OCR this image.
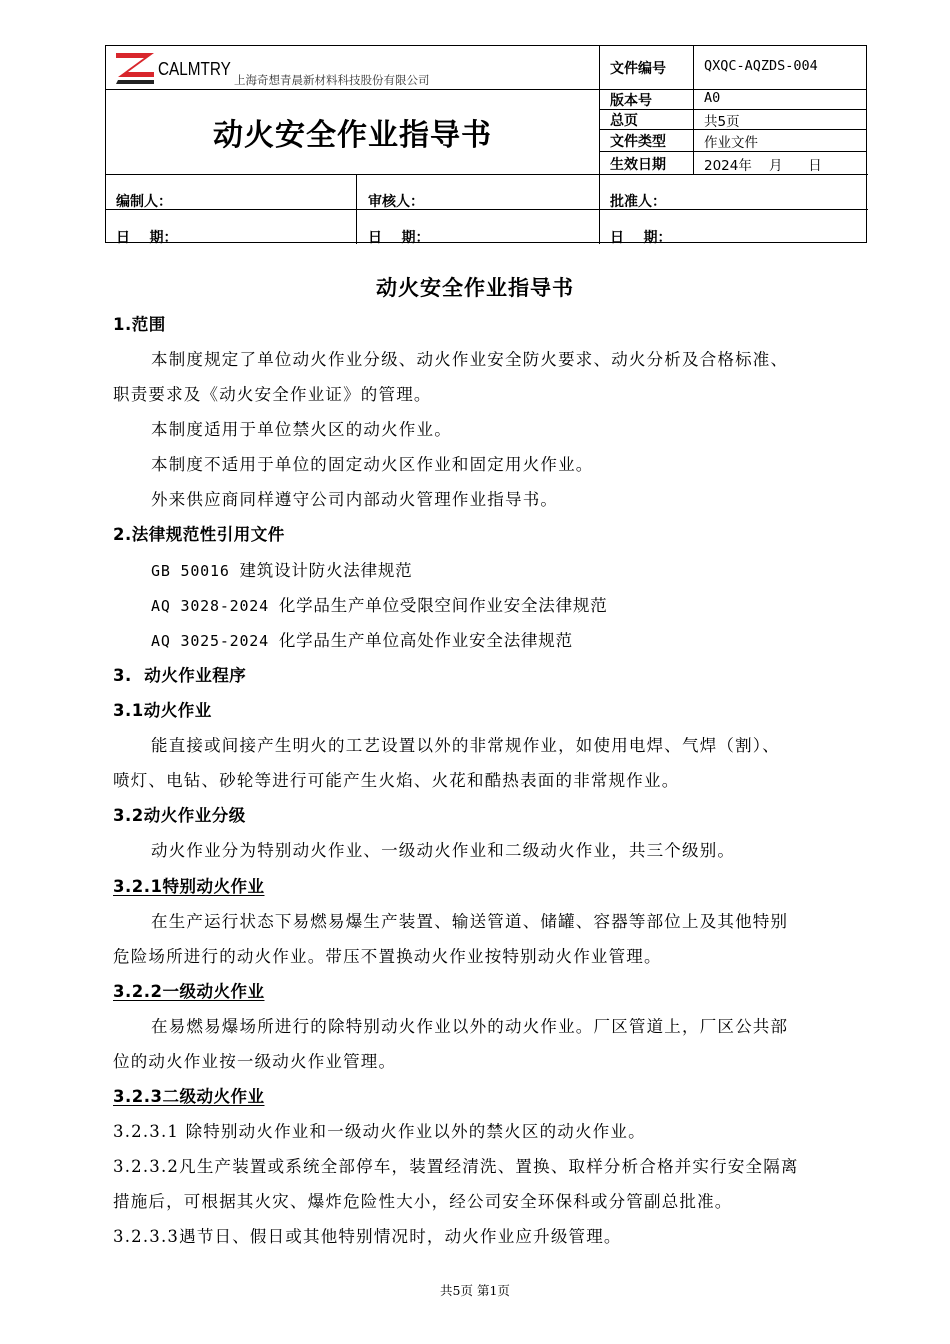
CALMTRY
上海奇想青晨新材料科技股份有限公司
动火安全作业指导书
文件编号	QXQC-AQZDS-004
版本号	A0
总页	共5页
文件类型	作业文件
生效日期	2024年    月      日
编制人：	审核人：	批准人：
日    期：	日    期：	日    期：
动火安全作业指导书
1.范围
本制度规定了单位动火作业分级、动火作业安全防火要求、动火分析及合格标准、
职责要求及《动火安全作业证》的管理。
本制度适用于单位禁火区的动火作业。
本制度不适用于单位的固定动火区作业和固定用火作业。
外来供应商同样遵守公司内部动火管理作业指导书。
2.法律规范性引用文件
GB 50016 建筑设计防火法律规范
AQ 3028-2024 化学品生产单位受限空间作业安全法律规范
AQ 3025-2024 化学品生产单位高处作业安全法律规范
3.  动火作业程序
3.1动火作业
能直接或间接产生明火的工艺设置以外的非常规作业，如使用电焊、气焊（割）、
喷灯、电钻、砂轮等进行可能产生火焰、火花和酷热表面的非常规作业。
3.2动火作业分级
动火作业分为特别动火作业、一级动火作业和二级动火作业，共三个级别。
3.2.1特别动火作业
在生产运行状态下易燃易爆生产装置、输送管道、储罐、容器等部位上及其他特别
危险场所进行的动火作业。带压不置换动火作业按特别动火作业管理。
3.2.2一级动火作业
在易燃易爆场所进行的除特别动火作业以外的动火作业。厂区管道上，厂区公共部
位的动火作业按一级动火作业管理。
3.2.3二级动火作业
3.2.3.1 除特别动火作业和一级动火作业以外的禁火区的动火作业。
3.2.3.2凡生产装置或系统全部停车，装置经清洗、置换、取样分析合格并实行安全隔离
措施后，可根据其火灾、爆炸危险性大小，经公司安全环保科或分管副总批准。
3.2.3.3遇节日、假日或其他特别情况时，动火作业应升级管理。
共5页 第1页
